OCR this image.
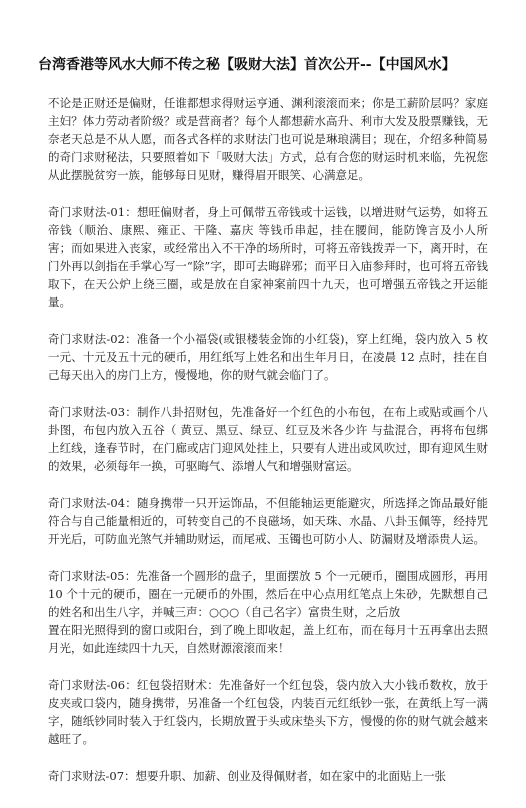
台湾香港等风水大师不传之秘【吸财大法】首次公开--【中国风水】

不论是正财还是偏财，任谁都想求得财运亨通、渊利滚滚而来；你是工薪阶层吗？家庭主妇？体力劳动者阶级？或是营商者？每个人都想薪水高升、利市大发及股票赚钱，无奈老天总是不从人愿，而各式各样的求财法门也可说是琳琅满目；现在，介绍多种简易的奇门求财秘法，只要照着如下「吸财大法」方式，总有合您的财运时机来临，先祝您从此摆脱贫穷一族，能够每日见财，赚得眉开眼笑、心满意足。

奇门求财法-01：想旺偏财者，身上可佩带五帝钱或十运钱，以增进财气运势，如将五帝钱（顺治、康熙、雍正、干隆、嘉庆 等钱币串起，挂在腰间，能防馋言及小人所害；而如果进入丧家，或经常出入不干净的场所时，可将五帝钱拨弄一下，离开时，在门外再以剑指在手掌心写一“除”字，即可去晦辟邪；而平日入庙参拜时，也可将五帝钱取下，在天公炉上绕三圈，或是放在自家神案前四十九天，也可增强五帝钱之开运能量。

奇门求财法-02：准备一个小福袋(或银楼装金饰的小红袋)，穿上红绳，袋内放入 5 枚一元、十元及五十元的硬币，用红纸写上姓名和出生年月日，在凌晨 12 点时，挂在自己每天出入的房门上方，慢慢地，你的财气就会临门了。

奇门求财法-03：制作八卦招财包，先准备好一个红色的小布包，在布上或贴或画个八卦图，布包内放入五谷（ 黄豆、黑豆、绿豆、红豆及米各少许 与盐混合，再将布包绑上红线，逢春节时，在门廊或店门迎风处挂上，只要有人进出或风吹过，即有迎风生财的效果，必须每年一换，可驱晦气、添增人气和增强财富运。

奇门求财法-04：随身携带一只开运饰品，不但能轴运更能避灾，所选择之饰品最好能符合与自己能量相近的，可转变自己的不良磁场，如天珠、水晶、八卦玉佩等，经持咒开光后，可防血光煞气并辅助财运，而尾戒、玉镯也可防小人、防漏财及增添贵人运。

奇门求财法-05：先准备一个圆形的盘子，里面摆放 5 个一元硬币，圈围成圆形，再用 10 个十元的硬币，圈在一元硬币的外围，然后在中心点用红笔点上朱砂，先默想自己的姓名和出生八字，并喊三声：○○○（自己名字）富贵生财，之后放

置在阳光照得到的窗口或阳台，到了晚上即收起，盖上红布，而在每月十五再拿出去照月光，如此连续四十九天，自然财源滚滚而来！

奇门求财法-06：红包袋招财术：先准备好一个红包袋，袋内放入大小钱币数枚，放于皮夹或口袋内，随身携带，另准备一个红包袋，内装百元红纸钞一张，在黄纸上写一满字，随纸钞同时装入于红袋内，长期放置于头或床垫头下方，慢慢的你的财气就会越来越旺了。

奇门求财法-07：想要升职、加薪、创业及得佩财者，如在家中的北面贴上一张
